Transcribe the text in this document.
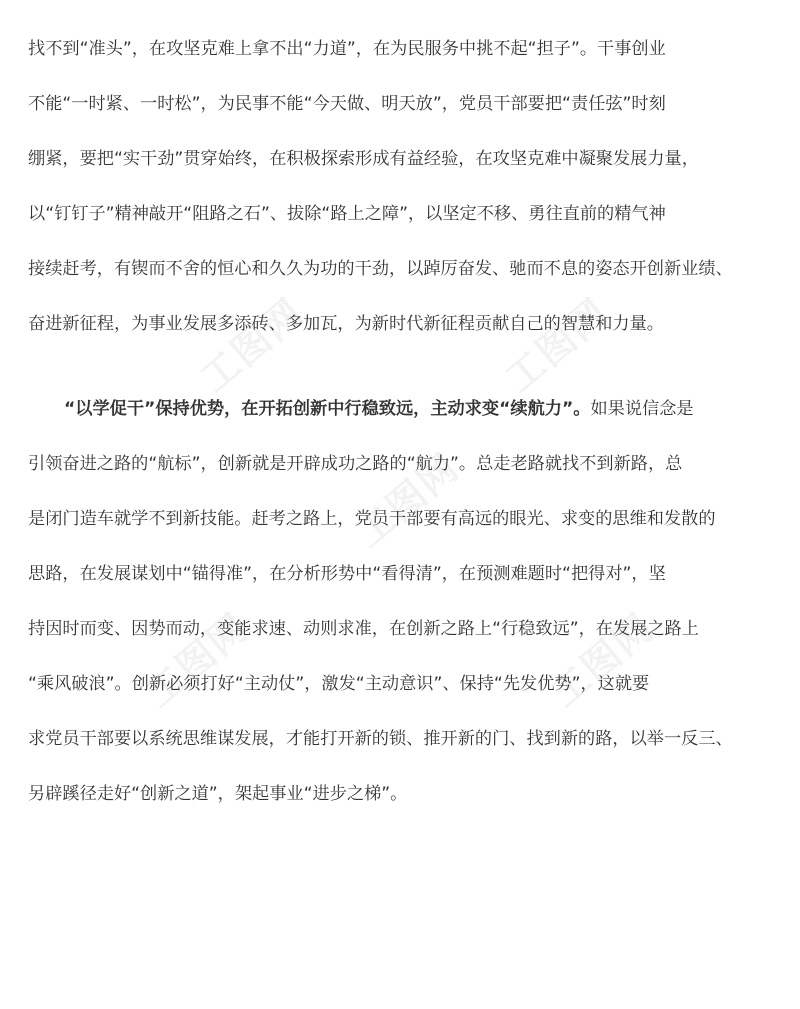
工图网	工图网
工图网
工图网	工图网
找不到“准头”，在攻坚克难上拿不出“力道”，在为民服务中挑不起“担子”。干事创业
不能“一时紧、一时松”，为民事不能“今天做、明天放”，党员干部要把“责任弦”时刻
绷紧，要把“实干劲”贯穿始终，在积极探索形成有益经验，在攻坚克难中凝聚发展力量，
以“钉钉子”精神敲开“阻路之石”、拔除“路上之障”，以坚定不移、勇往直前的精气神
接续赶考，有锲而不舍的恒心和久久为功的干劲，以踔厉奋发、驰而不息的姿态开创新业绩、
奋进新征程，为事业发展多添砖、多加瓦，为新时代新征程贡献自己的智慧和力量。
“以学促干”保持优势，在开拓创新中行稳致远，主动求变“续航力”。如果说信念是
引领奋进之路的“航标”，创新就是开辟成功之路的“航力”。总走老路就找不到新路，总
是闭门造车就学不到新技能。赶考之路上，党员干部要有高远的眼光、求变的思维和发散的
思路，在发展谋划中“锚得准”，在分析形势中“看得清”，在预测难题时“把得对”，坚
持因时而变、因势而动，变能求速、动则求准，在创新之路上“行稳致远”，在发展之路上
“乘风破浪”。创新必须打好“主动仗”，激发“主动意识”、保持“先发优势”，这就要
求党员干部要以系统思维谋发展，才能打开新的锁、推开新的门、找到新的路，以举一反三、
另辟蹊径走好“创新之道”，架起事业“进步之梯”。
